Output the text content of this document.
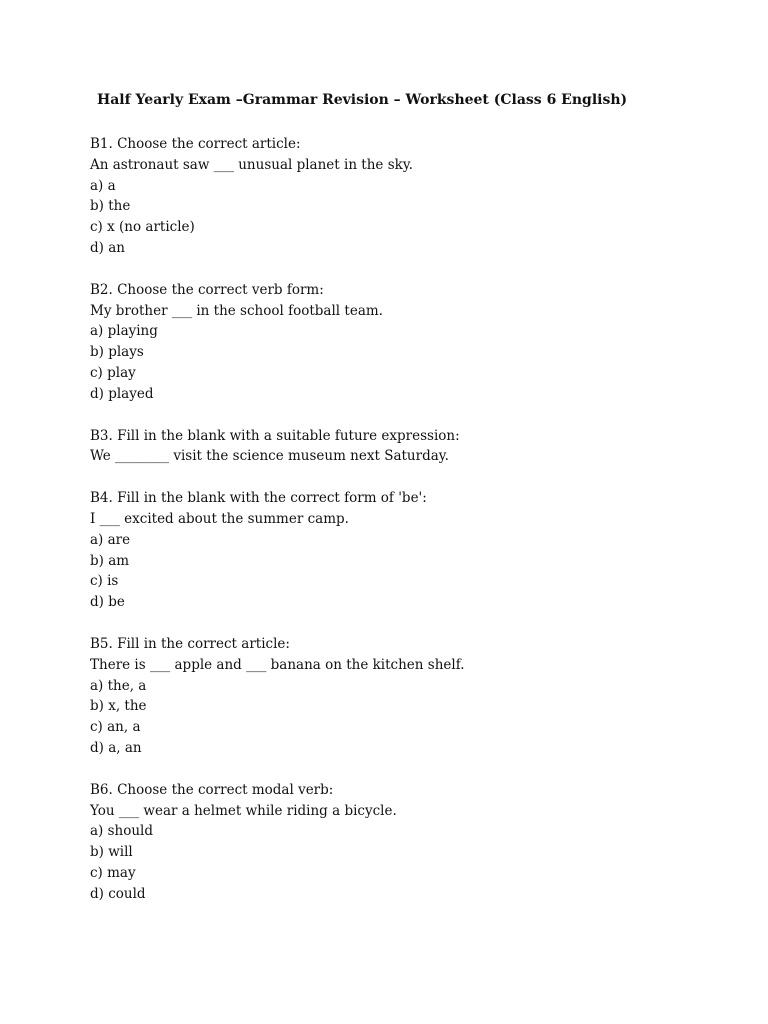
Half Yearly Exam –Grammar Revision – Worksheet (Class 6 English)
B1. Choose the correct article:
An astronaut saw ___ unusual planet in the sky.
a) a
b) the
c) x (no article)
d) an
B2. Choose the correct verb form:
My brother ___ in the school football team.
a) playing
b) plays
c) play
d) played
B3. Fill in the blank with a suitable future expression:
We ________ visit the science museum next Saturday.
B4. Fill in the blank with the correct form of 'be':
I ___ excited about the summer camp.
a) are
b) am
c) is
d) be
B5. Fill in the correct article:
There is ___ apple and ___ banana on the kitchen shelf.
a) the, a
b) x, the
c) an, a
d) a, an
B6. Choose the correct modal verb:
You ___ wear a helmet while riding a bicycle.
a) should
b) will
c) may
d) could
